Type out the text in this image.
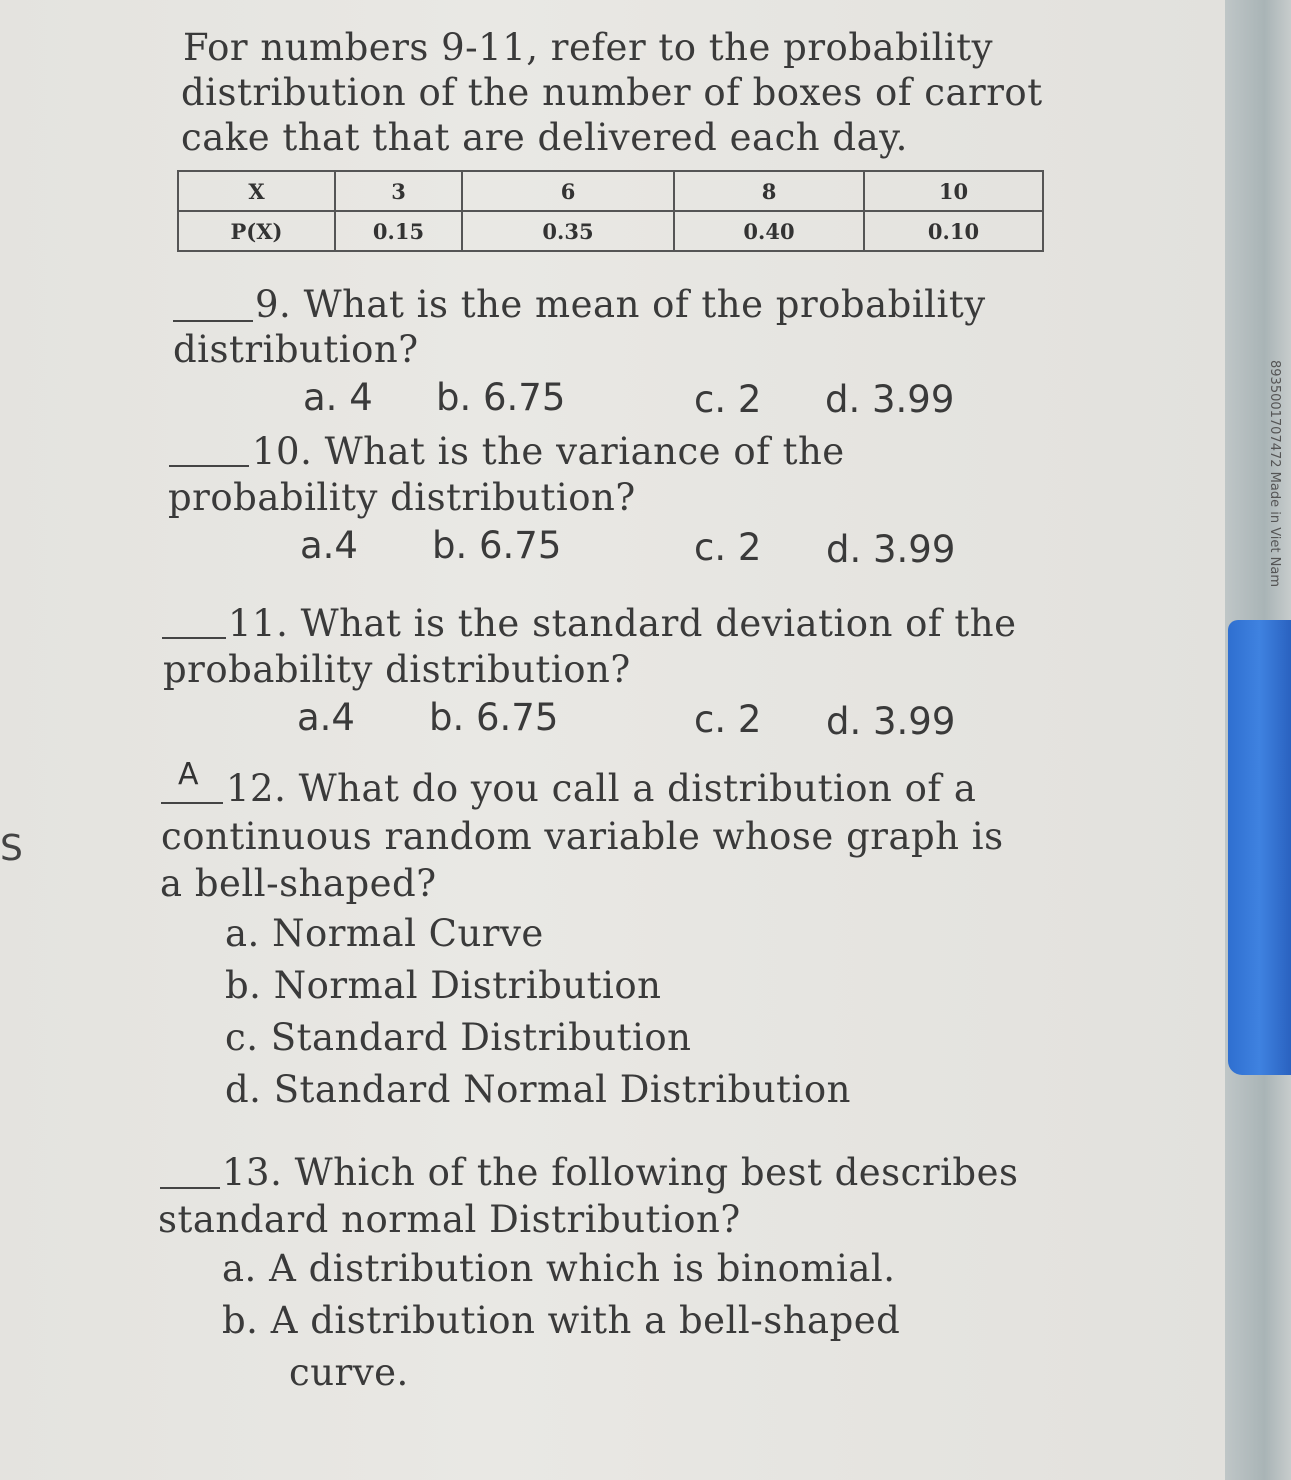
8935001707472 Made in Viet Nam
For numbers 9-11, refer to the probability
distribution of the number of boxes of carrot
cake that that are delivered each day.
X	3	6	8	10
P(X)	0.15	0.35	0.40	0.10
9. What is the mean of the probability
distribution?
a. 4 b. 6.75	c. 2 d. 3.99
10. What is the variance of the
probability distribution?
a.4 b. 6.75	c. 2 d. 3.99
11. What is the standard deviation of the
probability distribution?
a.4 b. 6.75	c. 2 d. 3.99
A 12. What do you call a distribution of a
continuous random variable whose graph is
a bell-shaped?
a. Normal Curve
b. Normal Distribution
c. Standard Distribution
d. Standard Normal Distribution
S
13. Which of the following best describes
standard normal Distribution?
a. A distribution which is binomial.
b. A distribution with a bell-shaped
curve.
